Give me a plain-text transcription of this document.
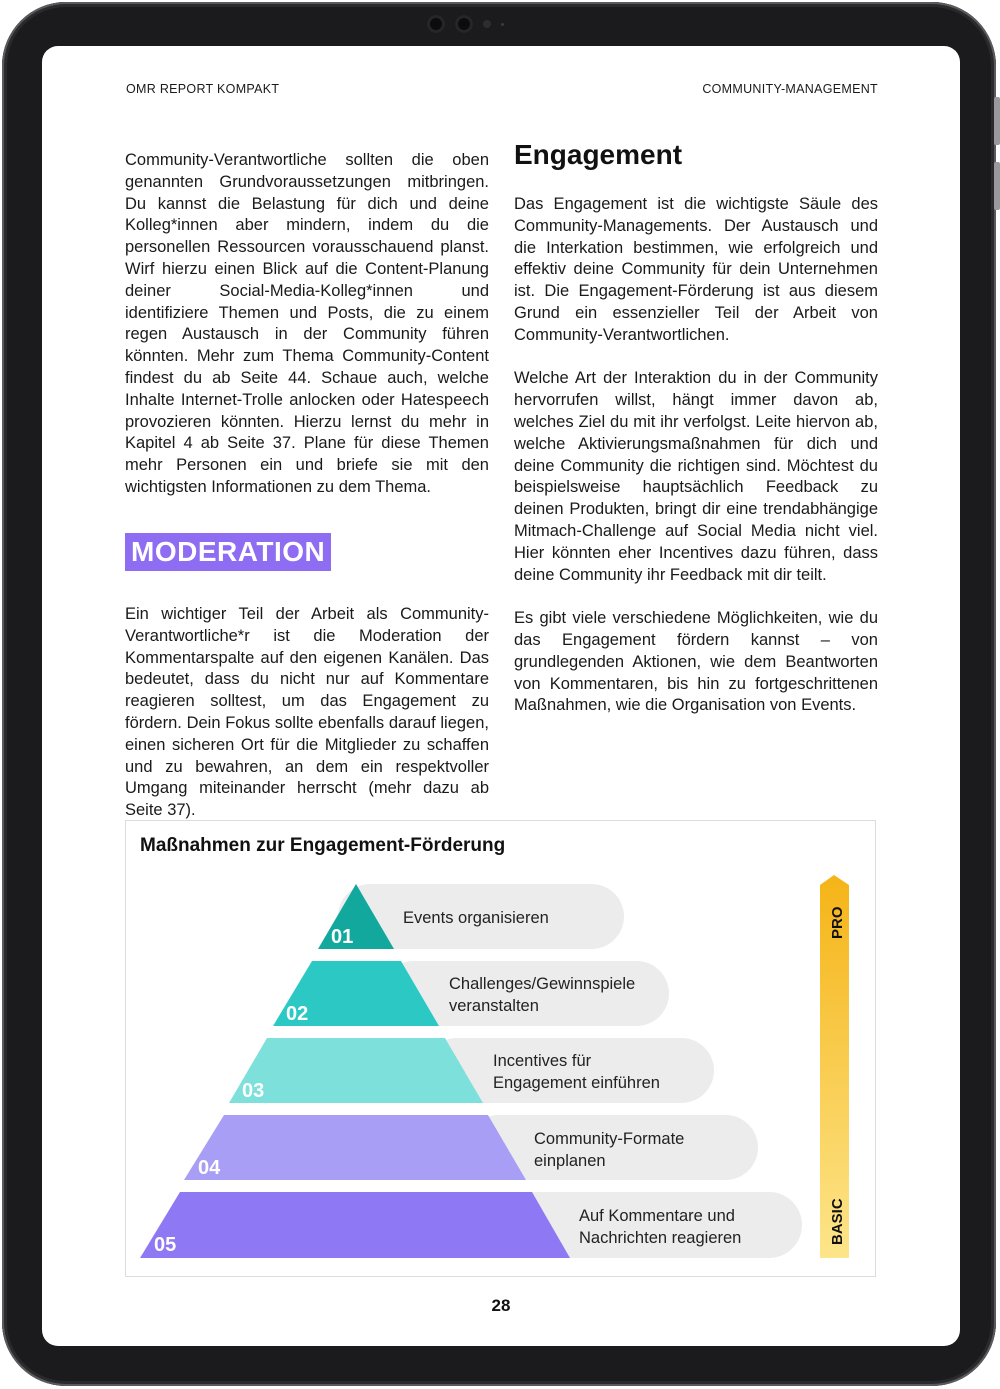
OMR REPORT KOMPAKT	COMMUNITY-MANAGEMENT

Community-Verantwortliche sollten die oben genannten Grundvoraussetzungen mitbringen. Du kannst die Belastung für dich und deine Kolleg*innen aber mindern, indem du die personellen Ressourcen vorausschauend planst. Wirf hierzu einen Blick auf die Content-Planung deiner Social-Media-Kolleg*innen und identifiziere Themen und Posts, die zu einem regen Austausch in der Community führen könnten. Mehr zum Thema Community-Content findest du ab Seite 44. Schaue auch, welche Inhalte Internet-Trolle anlocken oder Hatespeech provozieren könnten. Hierzu lernst du mehr in Kapitel 4 ab Seite 37. Plane für diese Themen mehr Personen ein und briefe sie mit den wichtigsten Informationen zu dem Thema.

MODERATION

Ein wichtiger Teil der Arbeit als Community-Verantwortliche*r ist die Moderation der Kommentarspalte auf den eigenen Kanälen. Das bedeutet, dass du nicht nur auf Kommentare reagieren solltest, um das Engagement zu fördern. Dein Fokus sollte ebenfalls darauf liegen, einen sicheren Ort für die Mitglieder zu schaffen und zu bewahren, an dem ein respektvoller Umgang miteinander herrscht (mehr dazu ab Seite 37).

Engagement

Das Engagement ist die wichtigste Säule des Community-Managements. Der Austausch und die Interkation bestimmen, wie erfolgreich und effektiv deine Community für dein Unternehmen ist. Die Engagement-Förderung ist aus diesem Grund ein essenzieller Teil der Arbeit von Community-Verantwortlichen.

Welche Art der Interaktion du in der Community hervorrufen willst, hängt immer davon ab, welches Ziel du mit ihr verfolgst. Leite hiervon ab, welche Aktivierungsmaßnahmen für dich und deine Community die richtigen sind. Möchtest du beispielsweise hauptsächlich Feedback zu deinen Produkten, bringt dir eine trendabhängige Mitmach-Challenge auf Social Media nicht viel. Hier könnten eher Incentives dazu führen, dass deine Community ihr Feedback mit dir teilt.

Es gibt viele verschiedene Möglichkeiten, wie du das Engagement fördern kannst – von grundlegenden Aktionen, wie dem Beantworten von Kommentaren, bis hin zu fortgeschrittenen Maßnahmen, wie die Organisation von Events.

Maßnahmen zur Engagement-Förderung
05
Auf Kommentare und
Nachrichten reagieren
04
Community-Formate
einplanen
03
Incentives für
Engagement einführen
02
Challenges/Gewinnspiele
veranstalten
01
Events organisieren	PRO
BASIC
28
